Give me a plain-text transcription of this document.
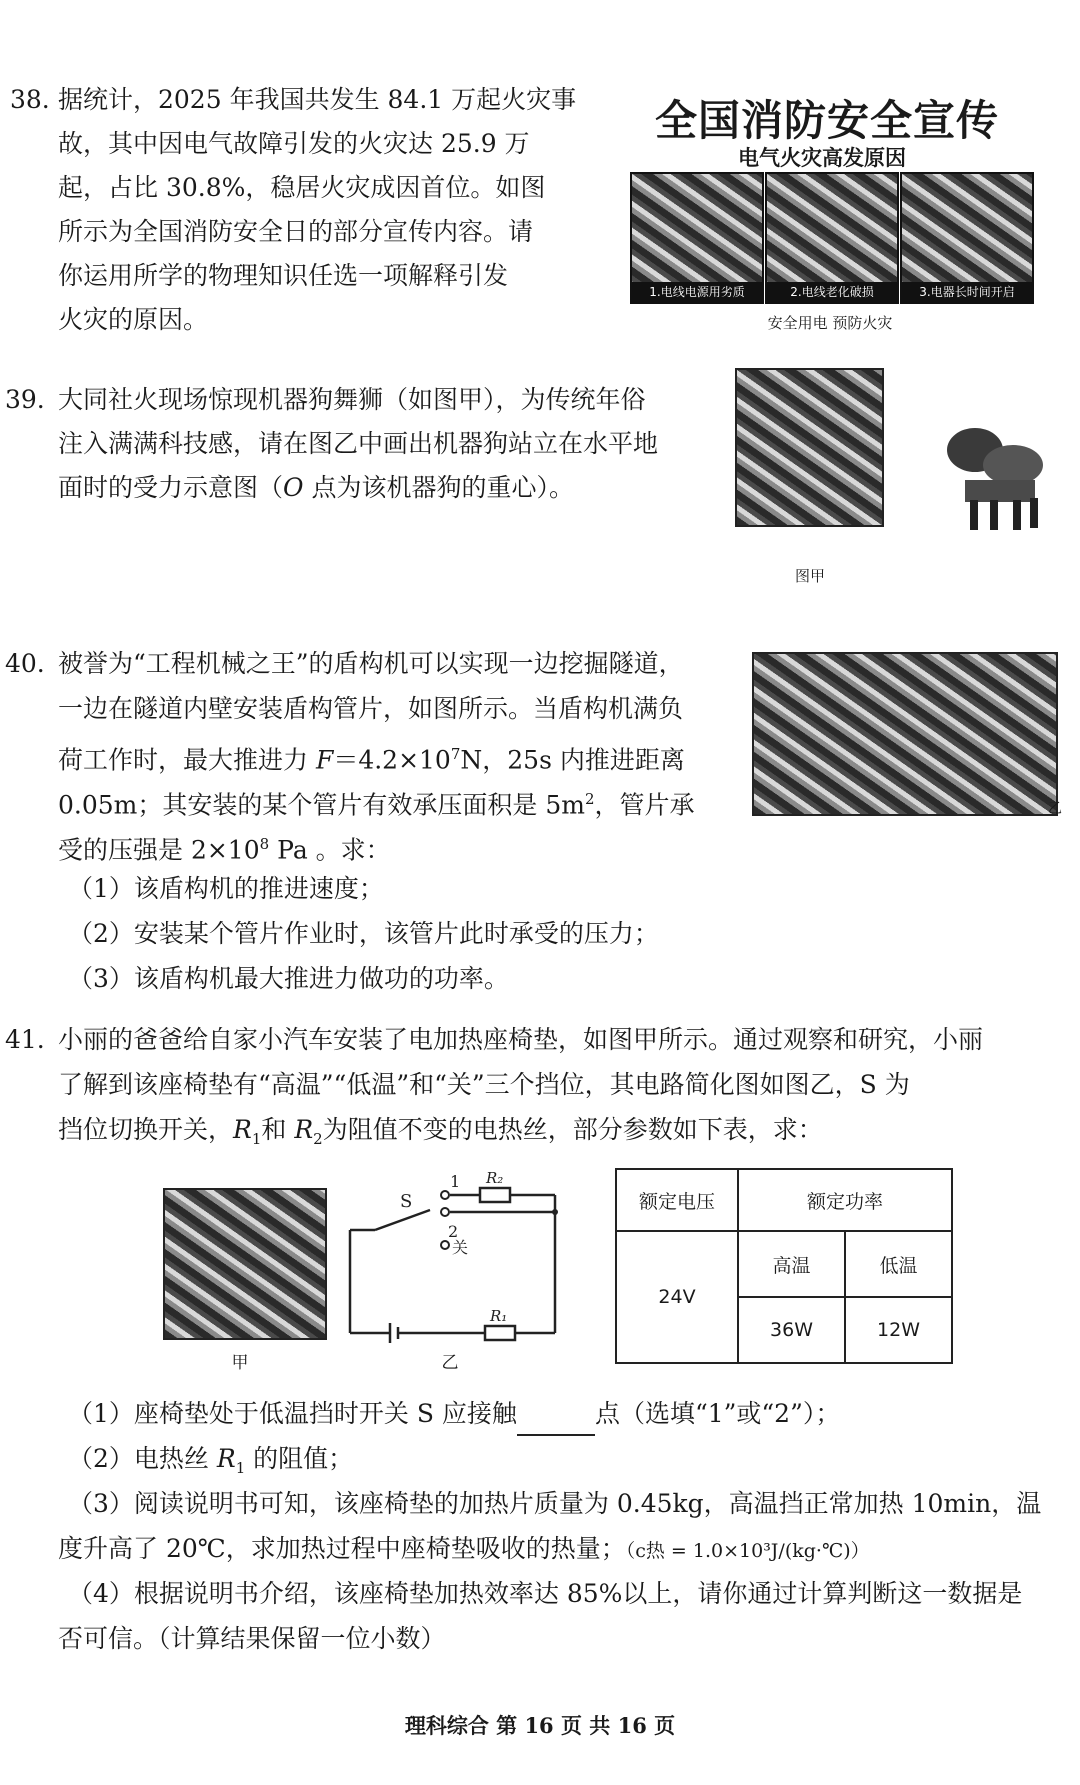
38. 据统计，2025 年我国共发生 84.1 万起火灾事
故，其中因电气故障引发的火灾达 25.9 万
起，占比 30.8%，稳居火灾成因首位。如图
所示为全国消防安全日的部分宣传内容。请
你运用所学的物理知识任选一项解释引发
火灾的原因。
全国消防安全宣传
电气火灾高发原因
1.电线电源用劣质	2.电线老化破损	3.电器长时间开启
安全用电 预防火灾
39. 大同社火现场惊现机器狗舞狮（如图甲），为传统年俗
注入满满科技感，请在图乙中画出机器狗站立在水平地
面时的受力示意图（O 点为该机器狗的重心）。
图甲
40. 被誉为“工程机械之王”的盾构机可以实现一边挖掘隧道，
一边在隧道内壁安装盾构管片，如图所示。当盾构机满负
荷工作时，最大推进力 $F=4.2\times 10^7N$，25s 内推进距离
0.05m；其安装的某个管片有效承压面积是 $5m^2$，管片承
受的压强是 $2\times 10^8$ Pa 。求：
（1）该盾构机的推进速度；
（2）安装某个管片作业时，该管片此时承受的压力；
（3）该盾构机最大推进力做功的功率。
乙
41. 小丽的爸爸给自家小汽车安装了电加热座椅垫，如图甲所示。通过观察和研究，小丽
了解到该座椅垫有“高温”“低温”和“关”三个挡位，其电路简化图如图乙，S 为
挡位切换开关，$R_1$和 $R_2$为阻值不变的电热丝，部分参数如下表，求：
甲
S
1
2
关
R₂
R₁
乙
额定电压	额定功率	
24V	高温	低温
	36W	12W
（1）座椅垫处于低温挡时开关 S 应接触	点（选填“1”或“2”）；
（2）电热丝 $R_1$ 的阻值；
（3）阅读说明书可知，该座椅垫的加热片质量为 0.45kg，高温挡正常加热 10min，温
度升高了 20℃，求加热过程中座椅垫吸收的热量；（c热 = 1.0×10³J/(kg·℃)）
（4）根据说明书介绍，该座椅垫加热效率达 85%以上，请你通过计算判断这一数据是
否可信。（计算结果保留一位小数）
理科综合 第 16 页 共 16 页
